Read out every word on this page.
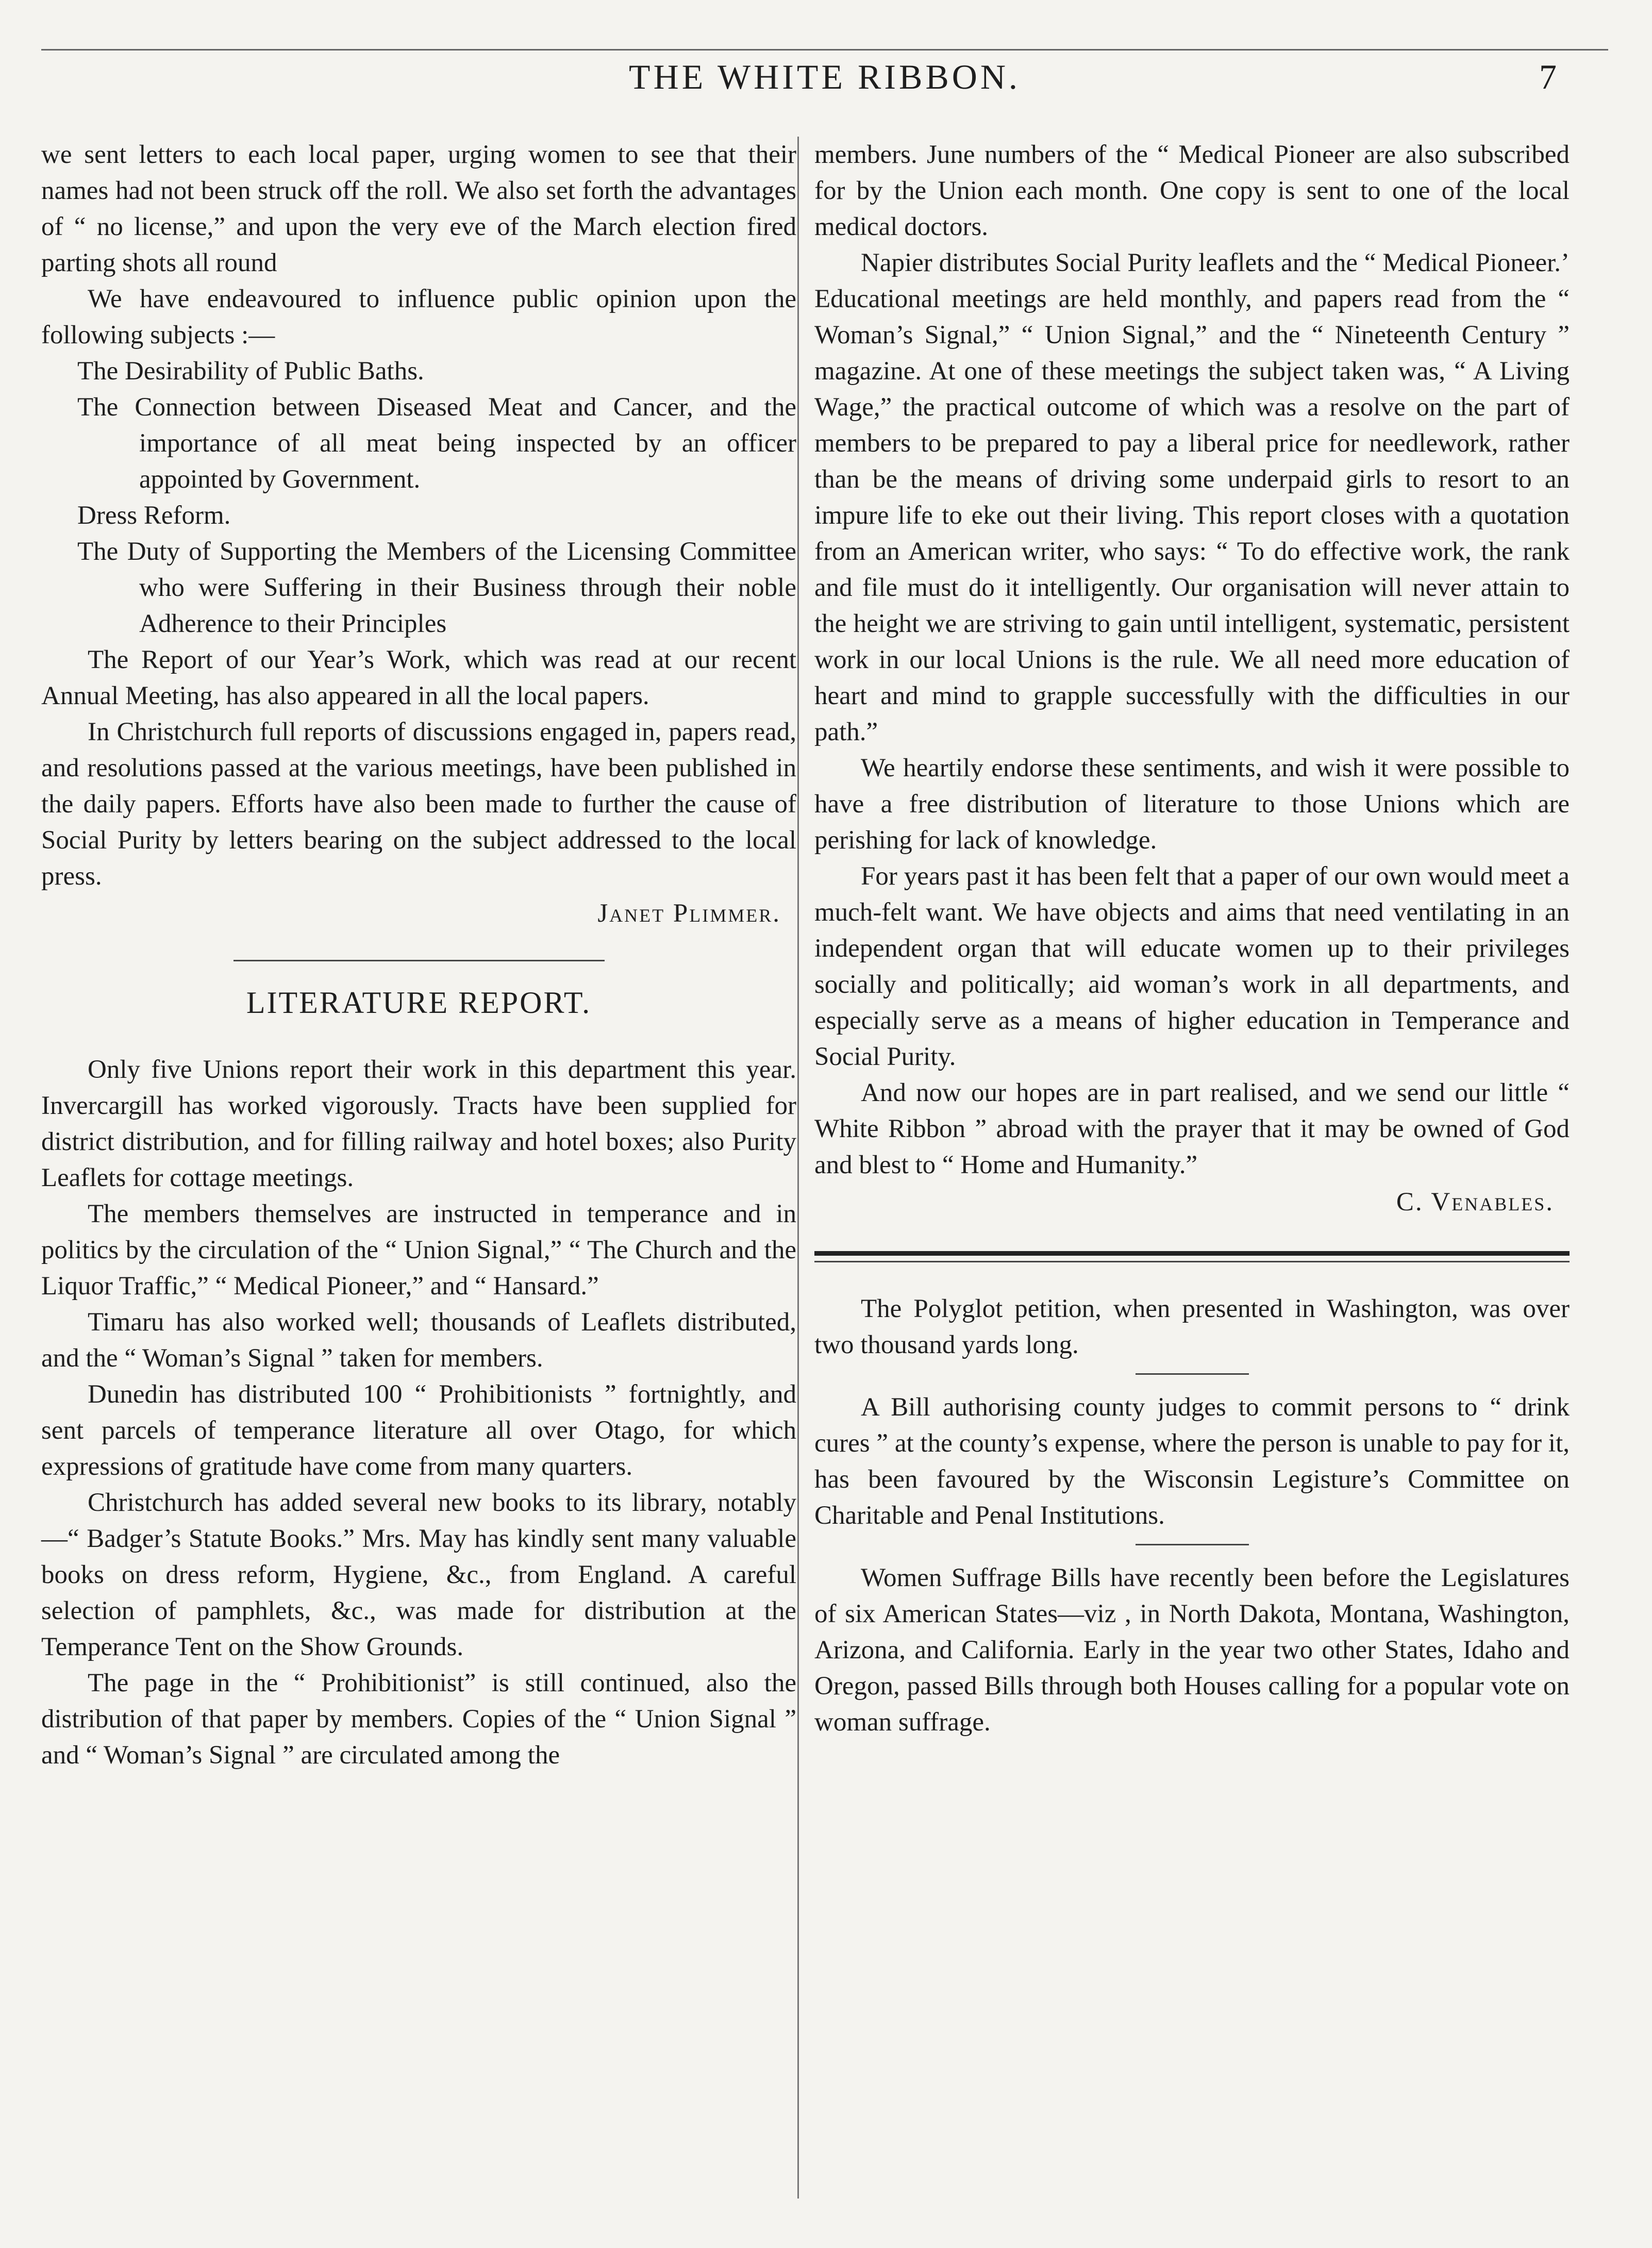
THE WHITE RIBBON.	7

we sent letters to each local paper, urging women to see that their names had not been struck off the roll. We also set forth the advantages of “ no license,” and upon the very eve of the March election fired parting shots all round

We have endeavoured to influence public opinion upon the following subjects :—

The Desirability of Public Baths.
The Connection between Diseased Meat and Cancer, and the importance of all meat being inspected by an officer appointed by Government.
Dress Reform.
The Duty of Supporting the Members of the Licensing Committee who were Suffering in their Business through their noble Adherence to their Principles

The Report of our Year’s Work, which was read at our recent Annual Meeting, has also appeared in all the local papers.

In Christchurch full reports of discussions engaged in, papers read, and resolutions passed at the various meetings, have been published in the daily papers. Efforts have also been made to further the cause of Social Purity by letters bearing on the subject addressed to the local press.

Janet Plimmer.
LITERATURE REPORT.

Only five Unions report their work in this department this year. Invercargill has worked vigorously. Tracts have been supplied for district distribution, and for filling railway and hotel boxes; also Purity Leaflets for cottage meetings.

The members themselves are instructed in temperance and in politics by the circulation of the “ Union Signal,” “ The Church and the Liquor Traffic,” “ Medical Pioneer,” and “ Hansard.”

Timaru has also worked well; thousands of Leaflets distributed, and the “ Woman’s Signal ” taken for members.

Dunedin has distributed 100 “ Prohibitionists ” fortnightly, and sent parcels of temperance literature all over Otago, for which expressions of gratitude have come from many quarters.

Christchurch has added several new books to its library, notably—“ Badger’s Statute Books.” Mrs. May has kindly sent many valuable books on dress reform, Hygiene, &c., from England. A careful selection of pamphlets, &c., was made for distribution at the Temperance Tent on the Show Grounds.

The page in the “ Prohibitionist” is still continued, also the distribution of that paper by members. Copies of the “ Union Signal ” and “ Woman’s Signal ” are circulated among the

members. June numbers of the “ Medical Pioneer are also subscribed for by the Union each month. One copy is sent to one of the local medical doctors.

Napier distributes Social Purity leaflets and the “ Medical Pioneer.’ Educational meetings are held monthly, and papers read from the “ Woman’s Signal,” “ Union Signal,” and the “ Nineteenth Century ” magazine. At one of these meetings the subject taken was, “ A Living Wage,” the practical outcome of which was a resolve on the part of members to be prepared to pay a liberal price for needlework, rather than be the means of driving some underpaid girls to resort to an impure life to eke out their living. This report closes with a quotation from an American writer, who says: “ To do effective work, the rank and file must do it intelligently. Our organisation will never attain to the height we are striving to gain until intelligent, systematic, persistent work in our local Unions is the rule. We all need more education of heart and mind to grapple successfully with the difficulties in our path.”

We heartily endorse these sentiments, and wish it were possible to have a free distribution of literature to those Unions which are perishing for lack of knowledge.

For years past it has been felt that a paper of our own would meet a much-felt want. We have objects and aims that need ventilating in an independent organ that will educate women up to their privileges socially and politically; aid woman’s work in all departments, and especially serve as a means of higher education in Temperance and Social Purity.

And now our hopes are in part realised, and we send our little “ White Ribbon ” abroad with the prayer that it may be owned of God and blest to “ Home and Humanity.”

C. Venables.

The Polyglot petition, when presented in Washington, was over two thousand yards long.

A Bill authorising county judges to commit persons to “ drink cures ” at the county’s expense, where the person is unable to pay for it, has been favoured by the Wisconsin Legisture’s Committee on Charitable and Penal Institutions.

Women Suffrage Bills have recently been before the Legislatures of six American States—viz , in North Dakota, Montana, Washington, Arizona, and California. Early in the year two other States, Idaho and Oregon, passed Bills through both Houses calling for a popular vote on woman suffrage.
